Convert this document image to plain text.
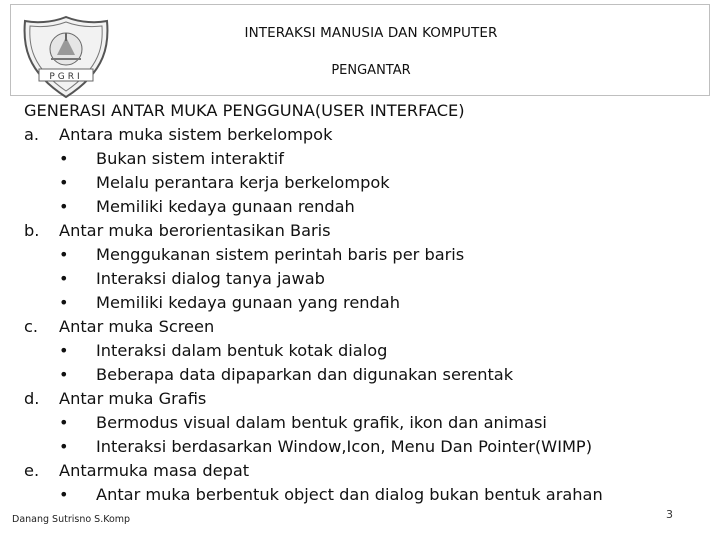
PGRI
INTERAKSI MANUSIA DAN KOMPUTER
PENGANTAR
GENERASI ANTAR MUKA PENGGUNA(USER INTERFACE)
a.	Antara muka sistem berkelompok
• Bukan sistem interaktif
• Melalu perantara kerja berkelompok
• Memiliki kedaya gunaan rendah
b.	Antar muka berorientasikan Baris
• Menggukanan sistem perintah baris per baris
• Interaksi dialog tanya jawab
• Memiliki kedaya gunaan yang rendah
c.	Antar muka Screen
• Interaksi dalam bentuk kotak dialog
• Beberapa data dipaparkan dan digunakan serentak
d.	Antar muka Grafis
• Bermodus visual dalam bentuk grafik, ikon dan animasi
• Interaksi berdasarkan Window,Icon, Menu Dan Pointer(WIMP)
e.	Antarmuka masa depat
• Antar muka berbentuk object dan dialog bukan bentuk arahan
Danang Sutrisno S.Komp	3
